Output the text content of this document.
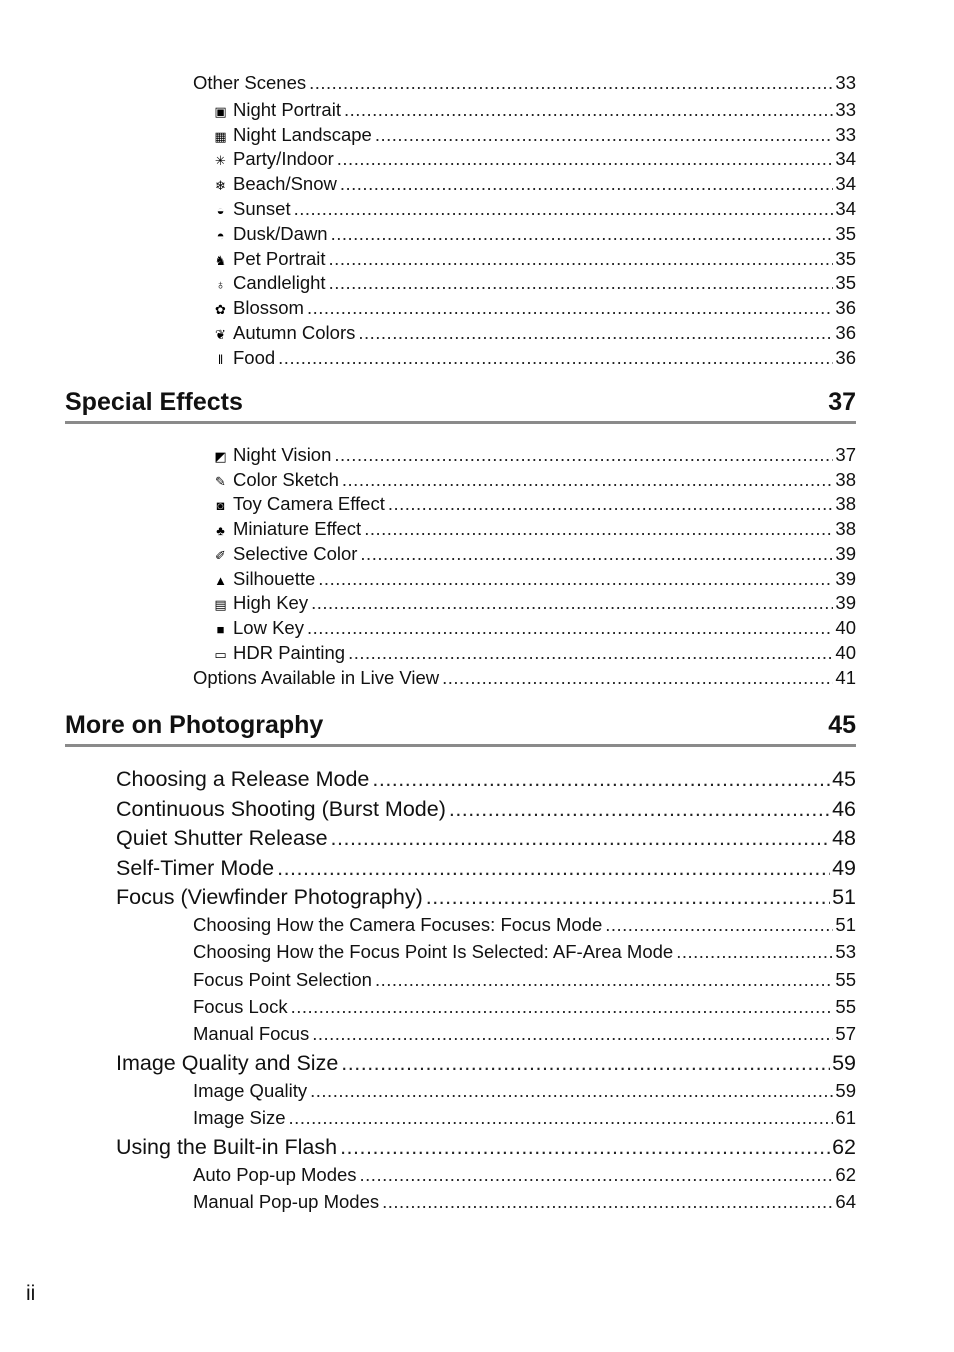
Other Scenes .....	33
▣ Night Portrait .....	33
▦ Night Landscape .....	33
✳ Party/Indoor .....	34
❄ Beach/Snow .....	34
◒ Sunset .....	34
◓ Dusk/Dawn .....	35
♞ Pet Portrait .....	35
♁ Candlelight .....	35
✿ Blossom .....	36
❦ Autumn Colors .....	36
ǁ Food .....	36
Special Effects	37
◩ Night Vision .....	37
✎ Color Sketch .....	38
◙ Toy Camera Effect .....	38
♣ Miniature Effect .....	38
✐ Selective Color .....	39
▲ Silhouette .....	39
▤ High Key .....	39
■ Low Key .....	40
▭ HDR Painting .....	40
Options Available in Live View .....	41
More on Photography	45
Choosing a Release Mode .....	45
Continuous Shooting (Burst Mode) .....	46
Quiet Shutter Release .....	48
Self-Timer Mode .....	49
Focus (Viewfinder Photography) .....	51
Choosing How the Camera Focuses: Focus Mode .....	51
Choosing How the Focus Point Is Selected: AF-Area Mode .....	53
Focus Point Selection .....	55
Focus Lock .....	55
Manual Focus .....	57
Image Quality and Size .....	59
Image Quality .....	59
Image Size .....	61
Using the Built-in Flash .....	62
Auto Pop-up Modes .....	62
Manual Pop-up Modes .....	64
ii
